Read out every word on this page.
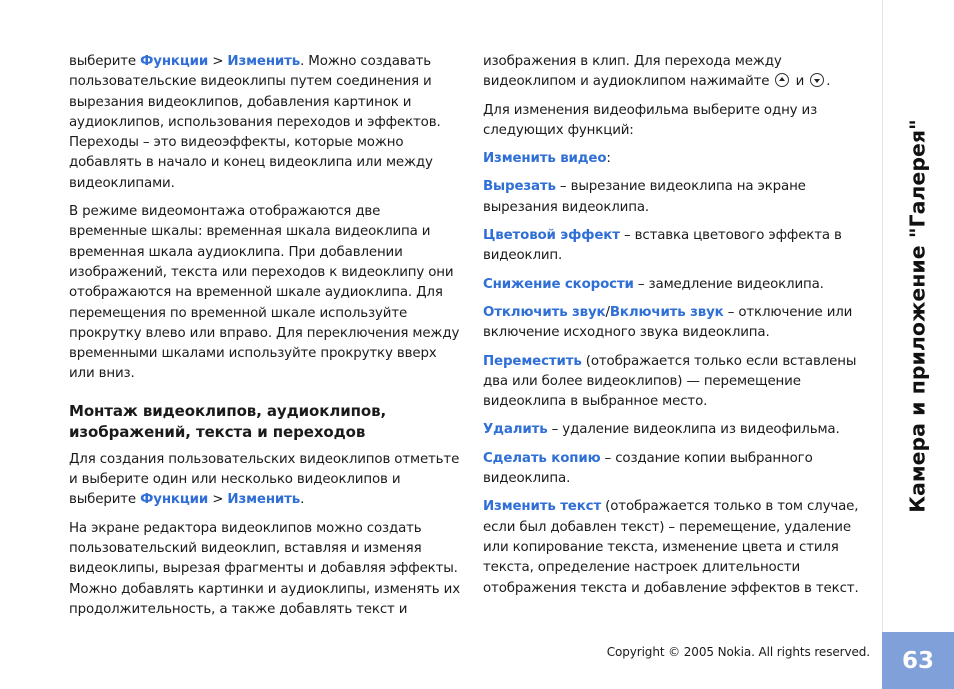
выберите Функции > Изменить. Можно создавать пользовательские видеоклипы путем соединения и вырезания видеоклипов, добавления картинок и аудиоклипов, использования переходов и эффектов. Переходы – это видеоэффекты, которые можно добавлять в начало и конец видеоклипа или между видеоклипами.

В режиме видеомонтажа отображаются две временные шкалы: временная шкала видеоклипа и временная шкала аудиоклипа. При добавлении изображений, текста или переходов к видеоклипу они отображаются на временной шкале аудиоклипа. Для перемещения по временной шкале используйте прокрутку влево или вправо. Для переключения между временными шкалами используйте прокрутку вверх или вниз.

Монтаж видеоклипов, аудиоклипов, изображений, текста и переходов

Для создания пользовательских видеоклипов отметьте и выберите один или несколько видеоклипов и выберите Функции > Изменить.

На экране редактора видеоклипов можно создать пользовательский видеоклип, вставляя и изменяя видеоклипы, вырезая фрагменты и добавляя эффекты. Можно добавлять картинки и аудиоклипы, изменять их продолжительность, а также добавлять текст и

изображения в клип. Для перехода между видеоклипом и аудиоклипом нажимайте  и .

Для изменения видеофильма выберите одну из следующих функций:

Изменить видео:

Вырезать – вырезание видеоклипа на экране вырезания видеоклипа.

Цветовой эффект – вставка цветового эффекта в видеоклип.

Снижение скорости – замедление видеоклипа.

Отключить звук/Включить звук – отключение или включение исходного звука видеоклипа.

Переместить (отображается только если вставлены два или более видеоклипов) — перемещение видеоклипа в выбранное место.

Удалить – удаление видеоклипа из видеофильма.

Сделать копию – создание копии выбранного видеоклипа.

Изменить текст (отображается только в том случае, если был добавлен текст) – перемещение, удаление или копирование текста, изменение цвета и стиля текста, определение настроек длительности отображения текста и добавление эффектов в текст.

Камера и приложение "Галерея"
Copyright © 2005 Nokia. All rights reserved. 63
